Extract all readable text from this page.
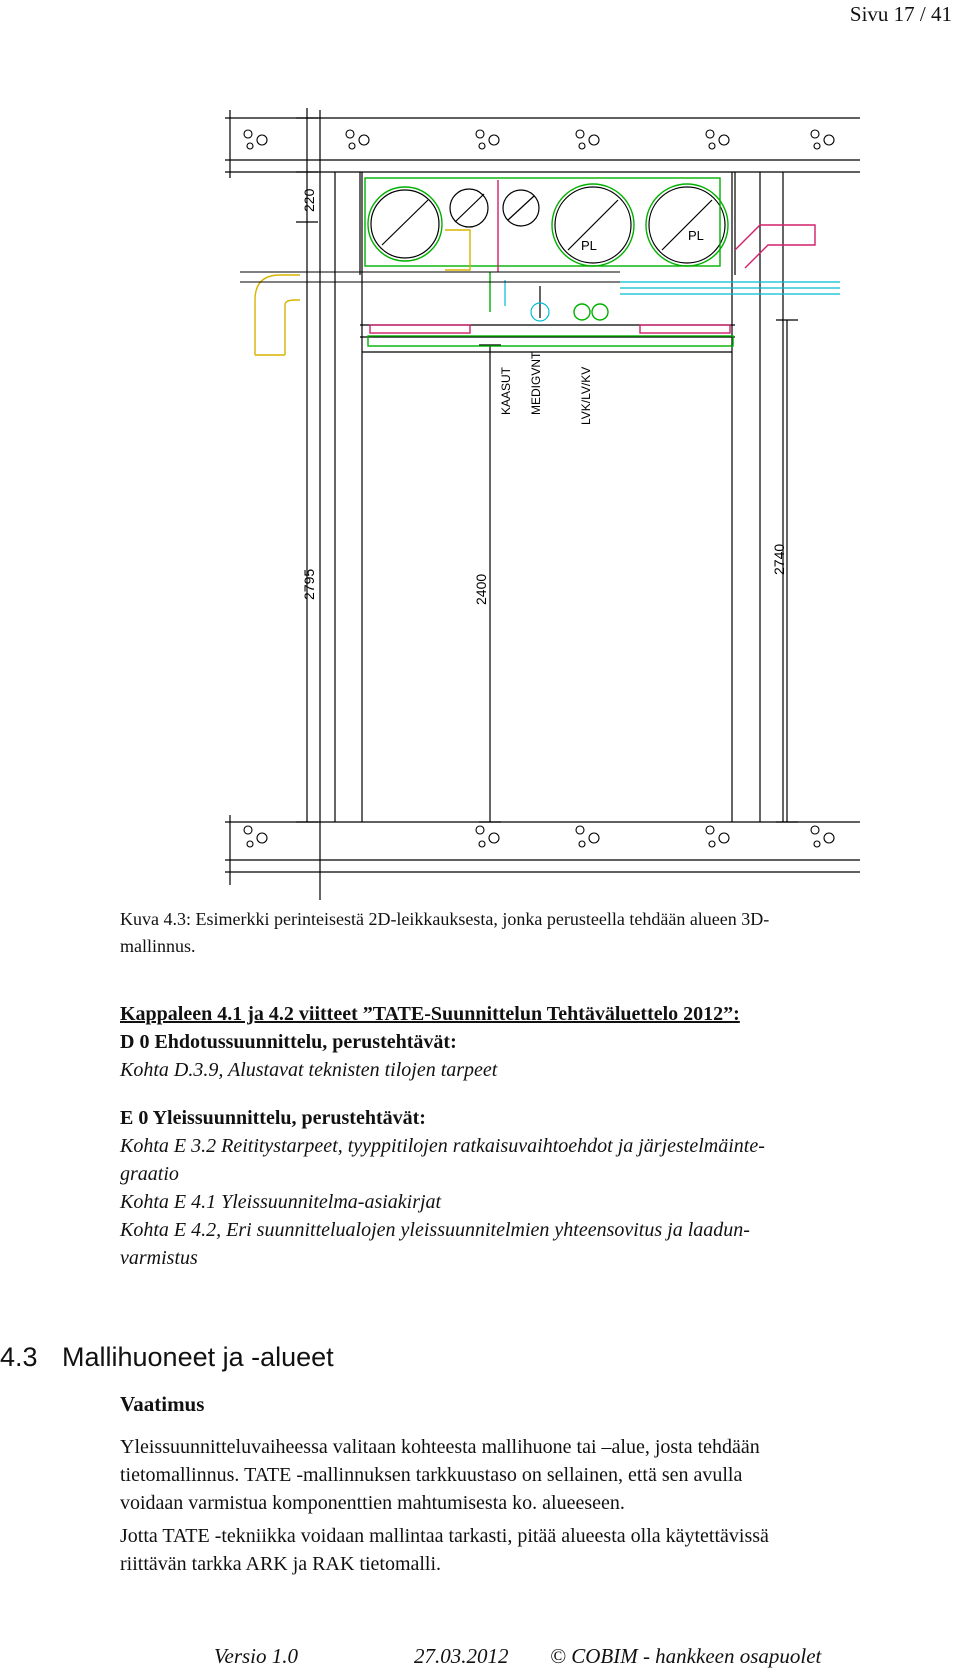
Sivu 17 / 41
220
2795	2400
2740
PL
PL
KAASUT MEDIGVNT	LVK/LV/KV
Kuva 4.3: Esimerkki perinteisestä 2D-leikkauksesta, jonka perusteella tehdään alueen 3D-
mallinnus.
Kappaleen 4.1 ja 4.2 viitteet ”TATE-Suunnittelun Tehtäväluettelo 2012”:
D 0 Ehdotussuunnittelu, perustehtävät:
Kohta D.3.9, Alustavat teknisten tilojen tarpeet
E 0 Yleissuunnittelu, perustehtävät:
Kohta E 3.2 Reititystarpeet, tyyppitilojen ratkaisuvaihtoehdot ja järjestelmäinte-
graatio
Kohta E 4.1 Yleissuunnitelma-asiakirjat
Kohta E 4.2, Eri suunnittelualojen yleissuunnitelmien yhteensovitus ja laadun-
varmistus
4.3 Mallihuoneet ja -alueet
Vaatimus
Yleissuunnitteluvaiheessa valitaan kohteesta mallihuone tai –alue, josta tehdään
tietomallinnus. TATE -mallinnuksen tarkkuustaso on sellainen, että sen avulla
voidaan varmistua komponenttien mahtumisesta ko. alueeseen.
Jotta TATE -tekniikka voidaan mallintaa tarkasti, pitää alueesta olla käytettävissä
riittävän tarkka ARK ja RAK tietomalli.
Versio 1.0	27.03.2012 © COBIM - hankkeen osapuolet
